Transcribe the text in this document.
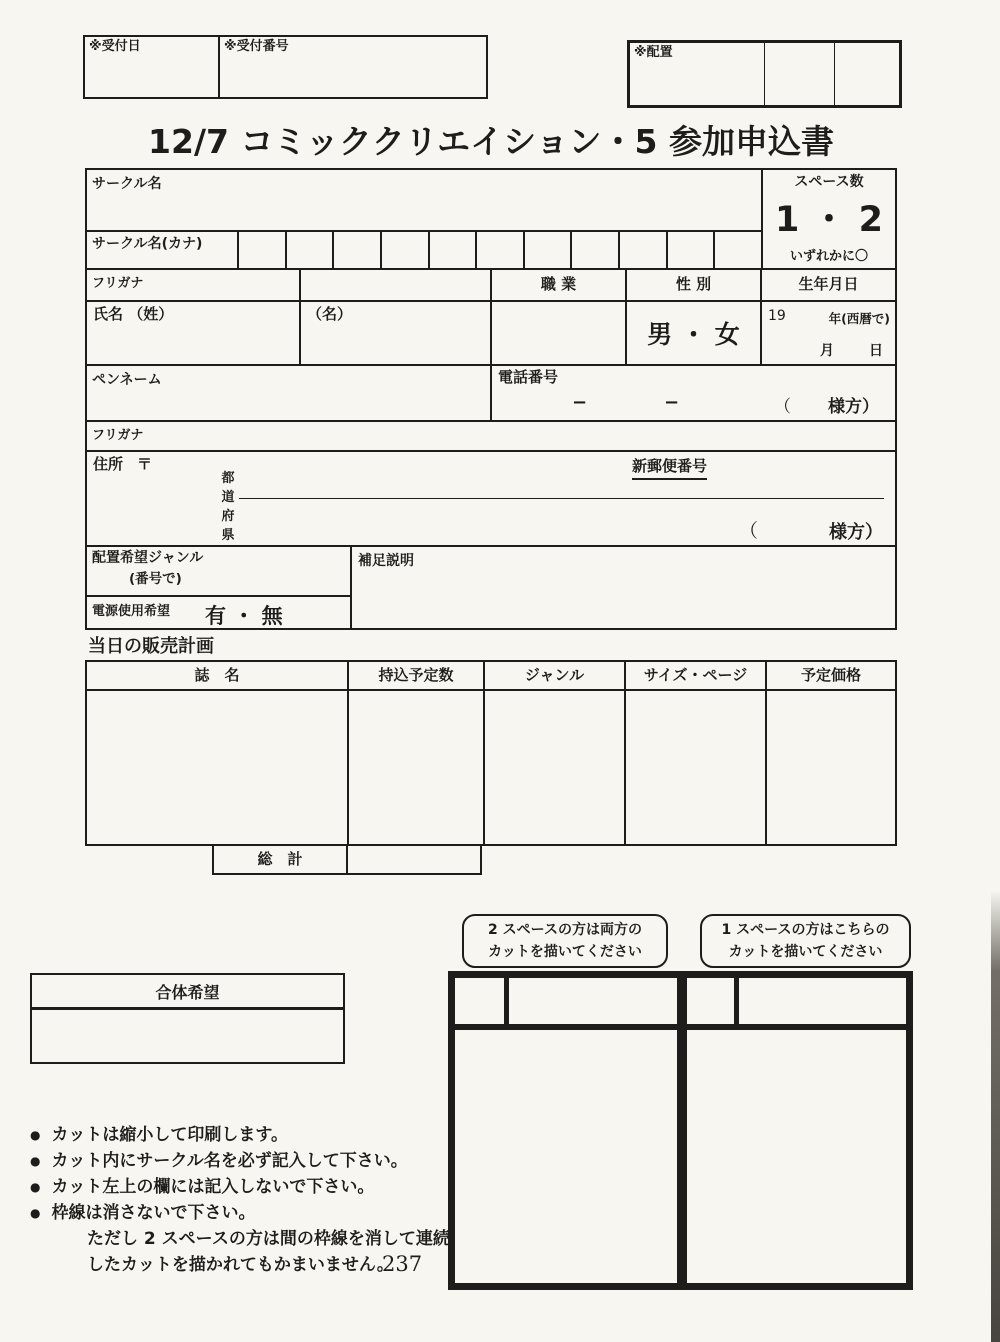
※受付日	※受付番号	※配置
12/7 コミッククリエイション・5 参加申込書
サークル名	スペース数
1 ・ 2
いずれかに〇
サークル名(カナ)
フリガナ	職 業	性 別	生年月日
氏名 （姓）	（名）
男 ・ 女
19	年(西暦で)
月	日
ペンネーム	電話番号
−	−	（ 様方）
フリガナ
住所 〒
都
道
府
県
新郵便番号
（	様方）
配置希望ジャンル
(番号で)
補足説明
電源使用希望 有 ・ 無
当日の販売計画
誌　名	持込予定数	ジャンル	サイズ・ページ	予定価格
総　計
合体希望
2 スペースの方は両方の
カットを描いてください
1 スペースの方はこちらの
カットを描いてください
● カットは縮小して印刷します。
● カット内にサークル名を必ず記入して下さい。
● カット左上の欄には記入しないで下さい。
● 枠線は消さないで下さい。
ただし 2 スペースの方は間の枠線を消して連続
したカットを描かれてもかまいません。
237
